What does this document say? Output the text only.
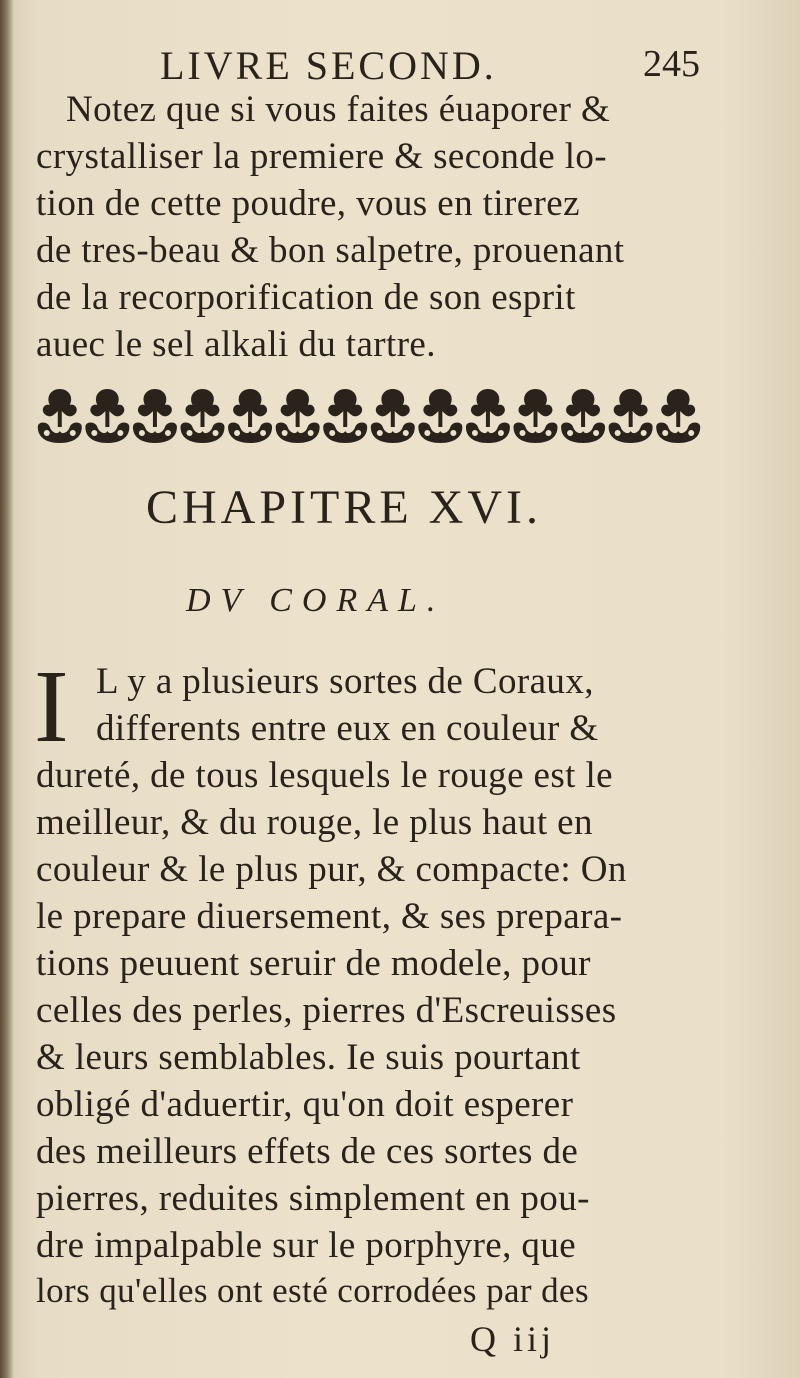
LIVRE SECOND.	245
Notez que si vous faites éuaporer &
crystalliser la premiere & seconde lo-
tion de cette poudre, vous en tirerez
de tres-beau & bon salpetre, prouenant
de la recorporification de son esprit
auec le sel alkali du tartre.
CHAPITRE XVI.
DV CORAL.
I L y a plusieurs sortes de Coraux,
differents entre eux en couleur &
dureté, de tous lesquels le rouge est le
meilleur, & du rouge, le plus haut en
couleur & le plus pur, & compacte: On
le prepare diuersement, & ses prepara-
tions peuuent seruir de modele, pour
celles des perles, pierres d'Escreuisses
& leurs semblables. Ie suis pourtant
obligé d'aduertir, qu'on doit esperer
des meilleurs effets de ces sortes de
pierres, reduites simplement en pou-
dre impalpable sur le porphyre, que
lors qu'elles ont esté corrodées par des
Q iij
